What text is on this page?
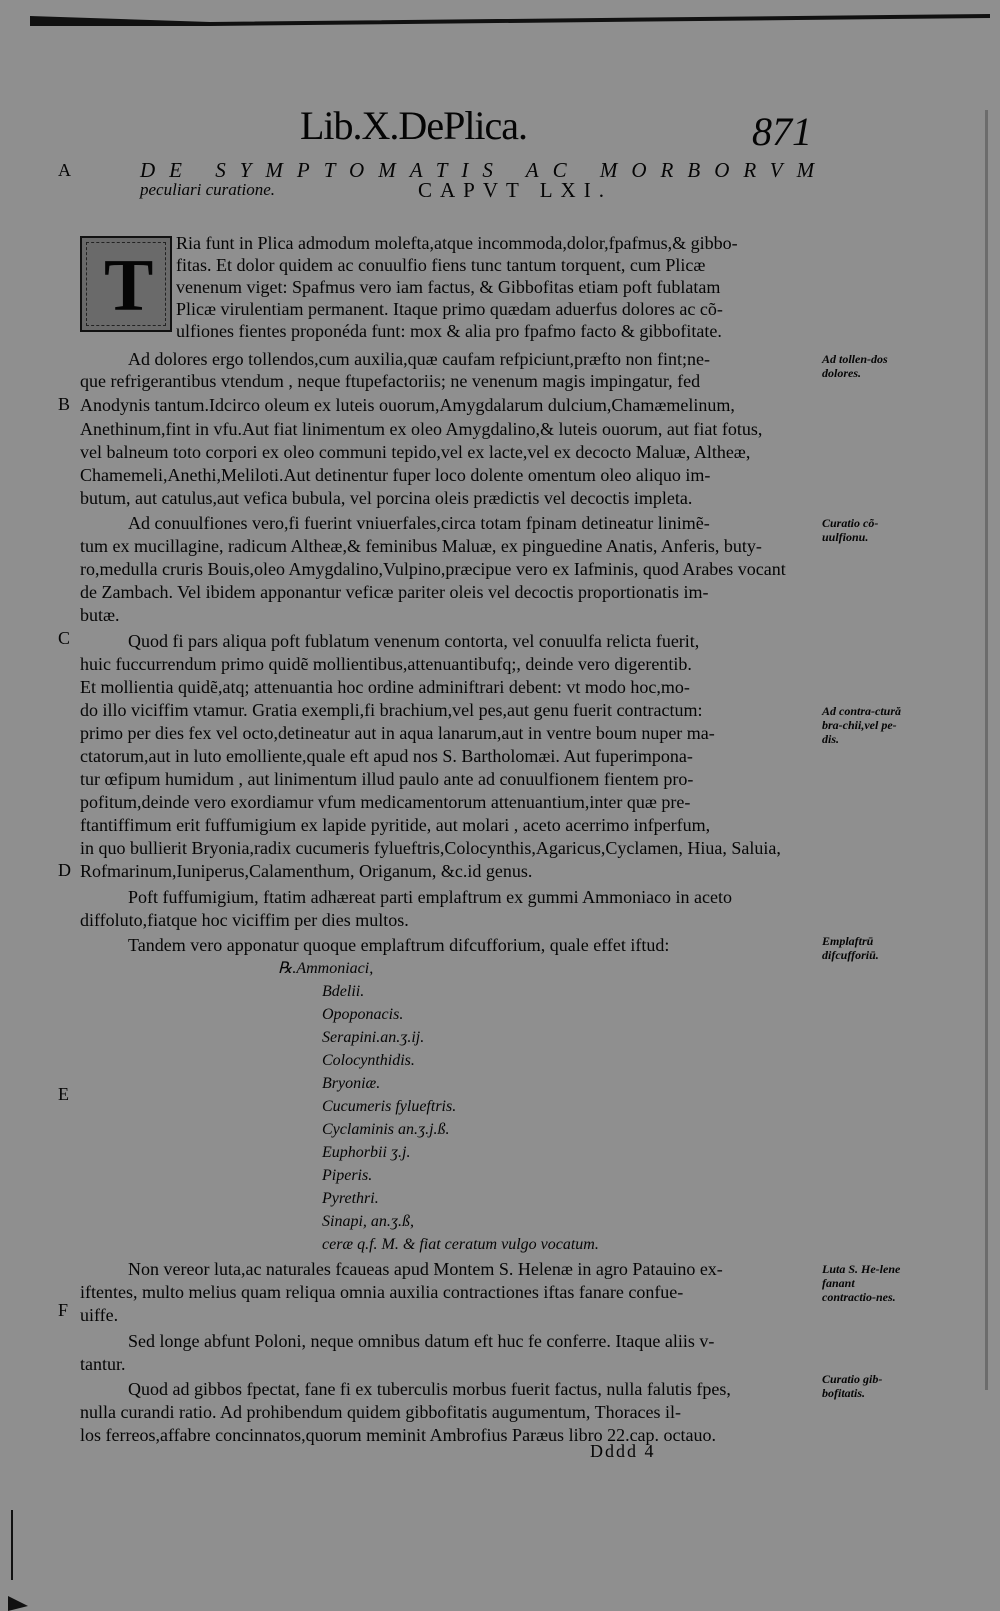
Lib.X.DePlica.	871
A
B
C
D
E
F
DE SYMPTOMATIS AC MORBORVM
peculiari curatione.	CAPVT LXI.
T
Ria funt in Plica admodum molefta,atque incommoda,dolor,fpafmus,& gibbo-
fitas. Et dolor quidem ac conuulfio fiens tunc tantum torquent, cum Plicæ
venenum viget: Spafmus vero iam factus, & Gibbofitas etiam poft fublatam
Plicæ virulentiam permanent. Itaque primo quædam aduerfus dolores ac cõ-
ulfiones fientes proponéda funt: mox & alia pro fpafmo facto & gibbofitate.
Ad dolores ergo tollendos,cum auxilia,quæ caufam refpiciunt,præfto non fint;ne-
que refrigerantibus vtendum , neque ftupefactoriis; ne venenum magis impingatur, fed
Anodynis tantum.Idcirco oleum ex luteis ouorum,Amygdalarum dulcium,Chamæmelinum,
Anethinum,fint in vfu.Aut fiat linimentum ex oleo Amygdalino,& luteis ouorum, aut fiat fotus,
vel balneum toto corpori ex oleo communi tepido,vel ex lacte,vel ex decocto Maluæ, Altheæ,
Chamemeli,Anethi,Meliloti.Aut detinentur fuper loco dolente omentum oleo aliquo im-
butum, aut catulus,aut vefica bubula, vel porcina oleis prædictis vel decoctis impleta.
Ad conuulfiones vero,fi fuerint vniuerfales,circa totam fpinam detineatur linimẽ-
tum ex mucillagine, radicum Altheæ,& feminibus Maluæ, ex pinguedine Anatis, Anferis, buty-
ro,medulla cruris Bouis,oleo Amygdalino,Vulpino,præcipue vero ex Iafminis, quod Arabes vocant
de Zambach. Vel ibidem apponantur veficæ pariter oleis vel decoctis proportionatis im-
butæ.
Quod fi pars aliqua poft fublatum venenum contorta, vel conuulfa relicta fuerit,
huic fuccurrendum primo quidẽ mollientibus,attenuantibufq;, deinde vero digerentib.
Et mollientia quidẽ,atq; attenuantia hoc ordine adminiftrari debent: vt modo hoc,mo-
do illo viciffim vtamur. Gratia exempli,fi brachium,vel pes,aut genu fuerit contractum:
primo per dies fex vel octo,detineatur aut in aqua lanarum,aut in ventre boum nuper ma-
ctatorum,aut in luto emolliente,quale eft apud nos S. Bartholomæi. Aut fuperimpona-
tur œfipum humidum , aut linimentum illud paulo ante ad conuulfionem fientem pro-
pofitum,deinde vero exordiamur vfum medicamentorum attenuantium,inter quæ pre-
ftantiffimum erit fuffumigium ex lapide pyritide, aut molari , aceto acerrimo infperfum,
in quo bullierit Bryonia,radix cucumeris fylueftris,Colocynthis,Agaricus,Cyclamen, Hiua, Saluia,
Rofmarinum,Iuniperus,Calamenthum, Origanum, &c.id genus.
Poft fuffumigium, ftatim adhæreat parti emplaftrum ex gummi Ammoniaco in aceto
diffoluto,fiatque hoc viciffim per dies multos.
Tandem vero apponatur quoque emplaftrum difcufforium, quale effet iftud:
℞.Ammoniaci,
Bdelii.
Opoponacis.
Serapini.an.ʒ.ij.
Colocynthidis.
Bryoniæ.
Cucumeris fylueftris.
Cyclaminis an.ʒ.j.ß.
Euphorbii ʒ.j.
Piperis.
Pyrethri.
Sinapi, an.ʒ.ß,
ceræ q.f. M. & fiat ceratum vulgo vocatum.
Non vereor luta,ac naturales fcaueas apud Montem S. Helenæ in agro Patauino ex-
iftentes, multo melius quam reliqua omnia auxilia contractiones iftas fanare confue-
uiffe.
Sed longe abfunt Poloni, neque omnibus datum eft huc fe conferre. Itaque aliis v-
tantur.
Quod ad gibbos fpectat, fane fi ex tuberculis morbus fuerit factus, nulla falutis fpes,
nulla curandi ratio. Ad prohibendum quidem gibbofitatis augumentum, Thoraces il-
los ferreos,affabre concinnatos,quorum meminit Ambrofius Paræus libro 22.cap. octauo.
Ad tollen-dos dolores.
Curatio cõ-uulfionu.
Ad contra-ctură bra-chii,vel pe-dis.
Emplaftrū difcufforiū.
Luta S. He-lene fanant contractio-nes.
Curatio gib-bofitatis.
Dddd 4
